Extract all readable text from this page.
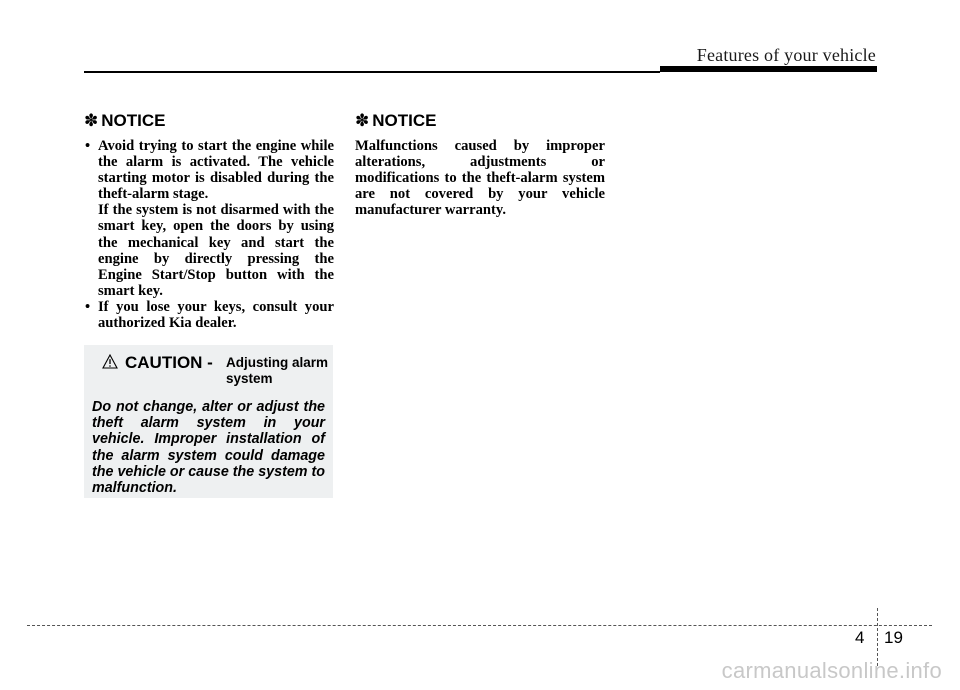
Features of your vehicle
✽ NOTICE
• Avoid trying to start the engine while the alarm is activated. The vehicle starting motor is disabled during the theft-alarm stage.

If the system is not disarmed with the smart key, open the doors by using the mechanical key and start the engine by directly pressing the Engine Start/Stop button with the smart key.

• If you lose your keys, consult your authorized Kia dealer.

✽ NOTICE

Malfunctions caused by improper alterations, adjustments or modifications to the theft-alarm system are not covered by your vehicle manufacturer warranty.

CAUTION - Adjusting alarm system

Do not change, alter or adjust the theft alarm system in your vehicle. Improper installation of the alarm system could damage the vehicle or cause the system to malfunction.

4 19
carmanualsonline.info
